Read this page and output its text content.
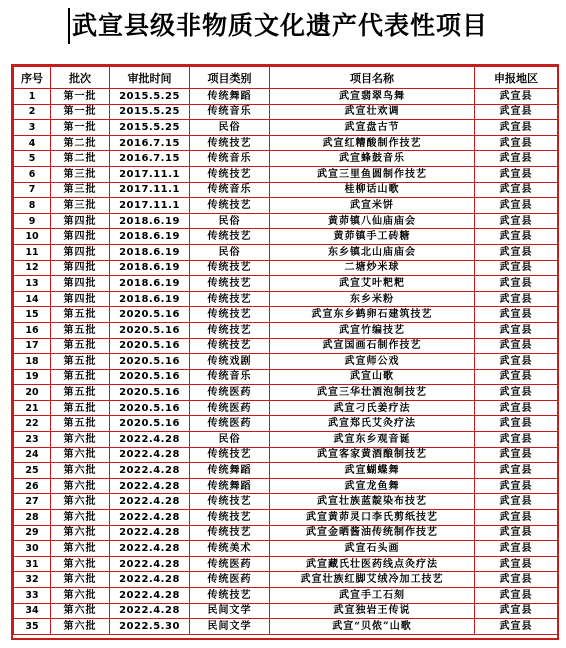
武宣县级非物质文化遗产代表性项目
序号	批次	审批时间	项目类别	项目名称	申报地区
1	第一批	2015.5.25	传统舞蹈	武宣翡翠鸟舞	武宣县
2	第一批	2015.5.25	传统音乐	武宣壮欢调	武宣县
3	第一批	2015.5.25	民俗	武宣盘古节	武宣县
4	第二批	2016.7.15	传统技艺	武宣红糟酸制作技艺	武宣县
5	第二批	2016.7.15	传统音乐	武宣蜂鼓音乐	武宣县
6	第三批	2017.11.1	传统技艺	武宣三里鱼圆制作技艺	武宣县
7	第三批	2017.11.1	传统音乐	桂柳话山歌	武宣县
8	第三批	2017.11.1	传统技艺	武宣米饼	武宣县
9	第四批	2018.6.19	民俗	黄茆镇八仙庙庙会	武宣县
10	第四批	2018.6.19	传统技艺	黄茆镇手工砖糖	武宣县
11	第四批	2018.6.19	民俗	东乡镇北山庙庙会	武宣县
12	第四批	2018.6.19	传统技艺	二塘炒米球	武宣县
13	第四批	2018.6.19	传统技艺	武宣艾叶粑粑	武宣县
14	第四批	2018.6.19	传统技艺	东乡米粉	武宣县
15	第五批	2020.5.16	传统技艺	武宣东乡鹤卵石建筑技艺	武宣县
16	第五批	2020.5.16	传统技艺	武宣竹编技艺	武宣县
17	第五批	2020.5.16	传统技艺	武宣国画石制作技艺	武宣县
18	第五批	2020.5.16	传统戏剧	武宣师公戏	武宣县
19	第五批	2020.5.16	传统音乐	武宣山歌	武宣县
20	第五批	2020.5.16	传统医药	武宣三华壮酒泡制技艺	武宣县
21	第五批	2020.5.16	传统医药	武宣刁氏姜疗法	武宣县
22	第五批	2020.5.16	传统医药	武宣郑氏艾灸疗法	武宣县
23	第六批	2022.4.28	民俗	武宣东乡观音诞	武宣县
24	第六批	2022.4.28	传统技艺	武宣客家黄酒酿制技艺	武宣县
25	第六批	2022.4.28	传统舞蹈	武宣蝴蝶舞	武宣县
26	第六批	2022.4.28	传统舞蹈	武宣龙鱼舞	武宣县
27	第六批	2022.4.28	传统技艺	武宣壮族蓝靛染布技艺	武宣县
28	第六批	2022.4.28	传统技艺	武宣黄茆灵口李氏剪纸技艺	武宣县
29	第六批	2022.4.28	传统技艺	武宣金晒酱油传统制作技艺	武宣县
30	第六批	2022.4.28	传统美术	武宣石头画	武宣县
31	第六批	2022.4.28	传统医药	武宣藏氏壮医药线点灸疗法	武宣县
32	第六批	2022.4.28	传统医药	武宣壮族红脚艾绒冷加工技艺	武宣县
33	第六批	2022.4.28	传统技艺	武宣手工石刻	武宣县
34	第六批	2022.4.28	民间文学	武宣独岩王传说	武宣县
35	第六批	2022.5.30	民间文学	武宣“贝侬”山歌	武宣县
